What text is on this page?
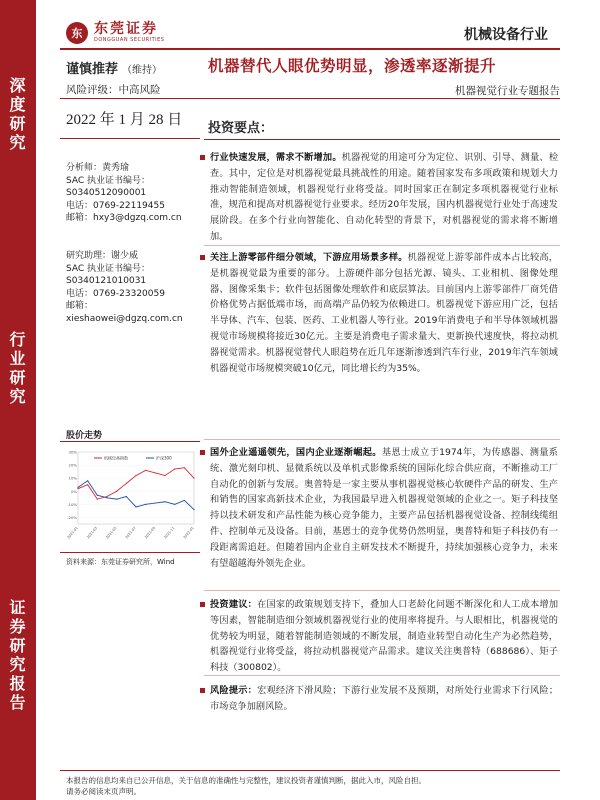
深
度
研
究
行
业
研
究
证
券
研
究
报
告
东 东莞证券
DONGGUAN SECURITIES	机械设备行业
谨慎推荐 （维持）
风险评级：中高风险
机器替代人眼优势明显，渗透率逐渐提升
机器视觉行业专题报告
2022 年 1 月 28 日
分析师：黄秀瑜
SAC 执业证书编号：
S0340512090001
电话：0769-22119455
邮箱：hxy3@dgzq.com.cn
研究助理：谢少威
SAC 执业证书编号：
S0340121010031
电话：0769-23320059
邮箱：
xieshaowei@dgzq.com.cn
股价走势
-20%
-10%
0%
10%
20%
30%
2021-01 2021-03 2021-05 2021-07 2021-09 2021-11 2022-01
机械设备指数	沪深300
资料来源：东莞证券研究所，Wind
投资要点：
行业快速发展，需求不断增加。机器视觉的用途可分为定位、识别、引导、测量、检查。其中，定位是对机器视觉最具挑战性的用途。随着国家发布多项政策和规划大力推动智能制造领域，机器视觉行业将受益。同时国家正在制定多项机器视觉行业标准，规范和提高对机器视觉行业要求。经历20年发展，国内机器视觉行业处于高速发展阶段。在多个行业向智能化、自动化转型的背景下，对机器视觉的需求将不断增加。
关注上游零部件细分领域，下游应用场景多样。机器视觉上游零部件成本占比较高，是机器视觉最为重要的部分。上游硬件部分包括光源、镜头、工业相机、图像处理器、图像采集卡；软件包括图像处理软件和底层算法。目前国内上游零部件厂商凭借价格优势占据低端市场，而高端产品仍较为依赖进口。机器视觉下游应用广泛，包括半导体、汽车、包装、医药、工业机器人等行业。2019年消费电子和半导体领域机器视觉市场规模将接近30亿元。主要是消费电子需求量大、更新换代速度快，将拉动机器视觉需求。机器视觉替代人眼趋势在近几年逐渐渗透到汽车行业，2019年汽车领域机器视觉市场规模突破10亿元，同比增长约为35%。
国外企业遥遥领先，国内企业逐渐崛起。基恩士成立于1974年，为传感器、测量系统、激光刻印机、显微系统以及单机式影像系统的国际化综合供应商，不断推动工厂自动化的创新与发展。奥普特是一家主要从事机器视觉核心软硬件产品的研发、生产和销售的国家高新技术企业，为我国最早进入机器视觉领域的企业之一。矩子科技坚持以技术研发和产品性能为核心竞争能力，主要产品包括机器视觉设备、控制线缆组件、控制单元及设备。目前，基恩士的竞争优势仍然明显，奥普特和矩子科技仍有一段距离需追赶。但随着国内企业自主研发技术不断提升，持续加强核心竞争力，未来有望超越海外领先企业。
投资建议：在国家的政策规划支持下，叠加人口老龄化问题不断深化和人工成本增加等因素，智能制造细分领域机器视觉行业的使用率将提升。与人眼相比，机器视觉的优势较为明显，随着智能制造领域的不断发展，制造业转型自动化生产为必然趋势，机器视觉行业将受益，将拉动机器视觉产品需求。建议关注奥普特（688686）、矩子科技（300802）。
风险提示：宏观经济下滑风险；下游行业发展不及预期，对所处行业需求下行风险；市场竞争加剧风险。
本报告的信息均来自已公开信息，关于信息的准确性与完整性，建议投资者谨慎判断，据此入市，风险自担。
请务必阅读末页声明。
